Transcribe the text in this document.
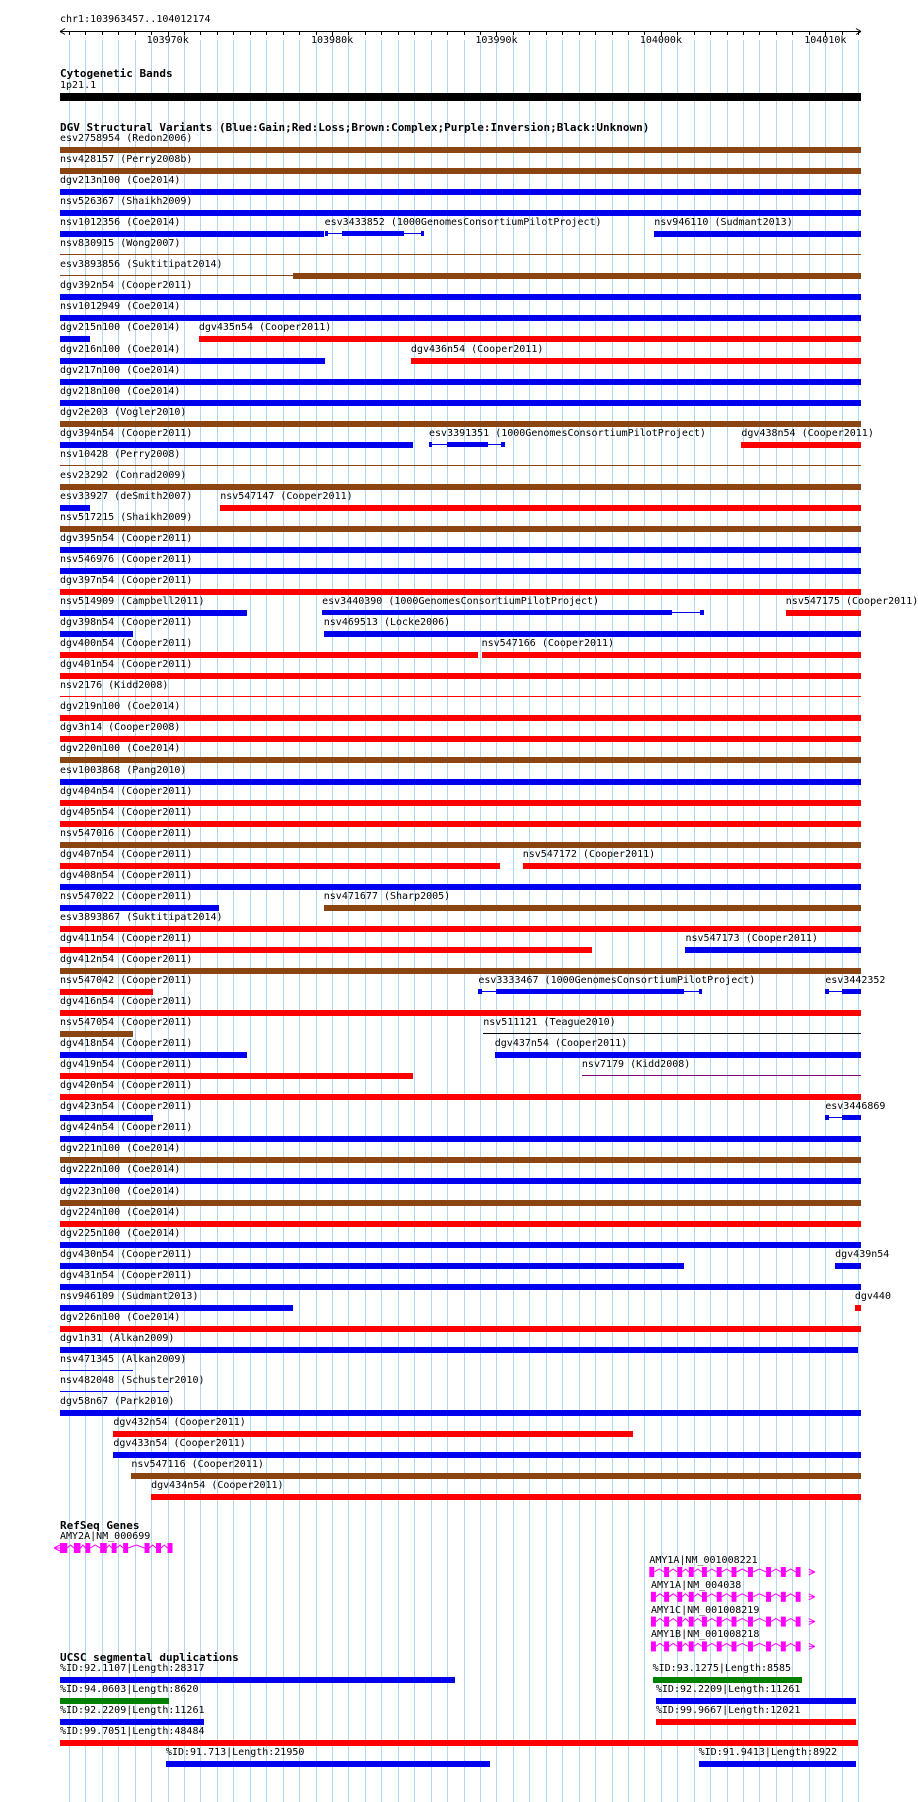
chr1:103963457..104012174
103970k	103980k	103990k	104000k	104010k
Cytogenetic Bands
1p21.1
DGV Structural Variants (Blue:Gain;Red:Loss;Brown:Complex;Purple:Inversion;Black:Unknown)
esv2758954 (Redon2006)
nsv428157 (Perry2008b)
dgv213n100 (Coe2014)
nsv526367 (Shaikh2009)
nsv1012356 (Coe2014)	esv3433852 (1000GenomesConsortiumPilotProject)	nsv946110 (Sudmant2013)
nsv830915 (Wong2007)
esv3893856 (Suktitipat2014)
dgv392n54 (Cooper2011)
nsv1012949 (Coe2014)
dgv215n100 (Coe2014) dgv435n54 (Cooper2011)
dgv216n100 (Coe2014)	dgv436n54 (Cooper2011)
dgv217n100 (Coe2014)
dgv218n100 (Coe2014)
dgv2e203 (Vogler2010)
dgv394n54 (Cooper2011)	esv3391351 (1000GenomesConsortiumPilotProject)	dgv438n54 (Cooper2011)
nsv10428 (Perry2008)
esv23292 (Conrad2009)
esv33927 (deSmith2007)	nsv547147 (Cooper2011)
nsv517215 (Shaikh2009)
dgv395n54 (Cooper2011)
nsv546976 (Cooper2011)
dgv397n54 (Cooper2011)
nsv514909 (Campbell2011)	esv3440390 (1000GenomesConsortiumPilotProject)	nsv547175 (Cooper2011)
dgv398n54 (Cooper2011)	nsv469513 (Locke2006)
dgv400n54 (Cooper2011)	nsv547166 (Cooper2011)
dgv401n54 (Cooper2011)
nsv2176 (Kidd2008)
dgv219n100 (Coe2014)
dgv3n14 (Cooper2008)
dgv220n100 (Coe2014)
esv1003868 (Pang2010)
dgv404n54 (Cooper2011)
dgv405n54 (Cooper2011)
nsv547016 (Cooper2011)
dgv407n54 (Cooper2011)	nsv547172 (Cooper2011)
dgv408n54 (Cooper2011)
nsv547022 (Cooper2011)	nsv471677 (Sharp2005)
esv3893867 (Suktitipat2014)
dgv411n54 (Cooper2011)	nsv547173 (Cooper2011)
dgv412n54 (Cooper2011)
nsv547042 (Cooper2011)	esv3333467 (1000GenomesConsortiumPilotProject)	esv3442352
dgv416n54 (Cooper2011)
nsv547054 (Cooper2011)	nsv511121 (Teague2010)
dgv418n54 (Cooper2011)	dgv437n54 (Cooper2011)
dgv419n54 (Cooper2011)	nsv7179 (Kidd2008)
dgv420n54 (Cooper2011)
dgv423n54 (Cooper2011)	esv3446869
dgv424n54 (Cooper2011)
dgv221n100 (Coe2014)
dgv222n100 (Coe2014)
dgv223n100 (Coe2014)
dgv224n100 (Coe2014)
dgv225n100 (Coe2014)
dgv430n54 (Cooper2011)	dgv439n54
dgv431n54 (Cooper2011)
nsv946109 (Sudmant2013)	dgv440
dgv226n100 (Coe2014)
dgv1n31 (Alkan2009)
nsv471345 (Alkan2009)
nsv482048 (Schuster2010)
dgv58n67 (Park2010)
dgv432n54 (Cooper2011)
dgv433n54 (Cooper2011)
nsv547116 (Cooper2011)
dgv434n54 (Cooper2011)
RefSeq Genes
AMY2A|NM_000699
AMY1A|NM_001008221
AMY1A|NM_004038
AMY1C|NM_001008219
AMY1B|NM_001008218
UCSC segmental duplications
%ID:92.1107|Length:28317	%ID:93.1275|Length:8585
%ID:94.0603|Length:8620	%ID:92.2209|Length:11261
%ID:92.2209|Length:11261	%ID:99.9667|Length:12021
%ID:99.7051|Length:48484
%ID:91.713|Length:21950	%ID:91.9413|Length:8922
